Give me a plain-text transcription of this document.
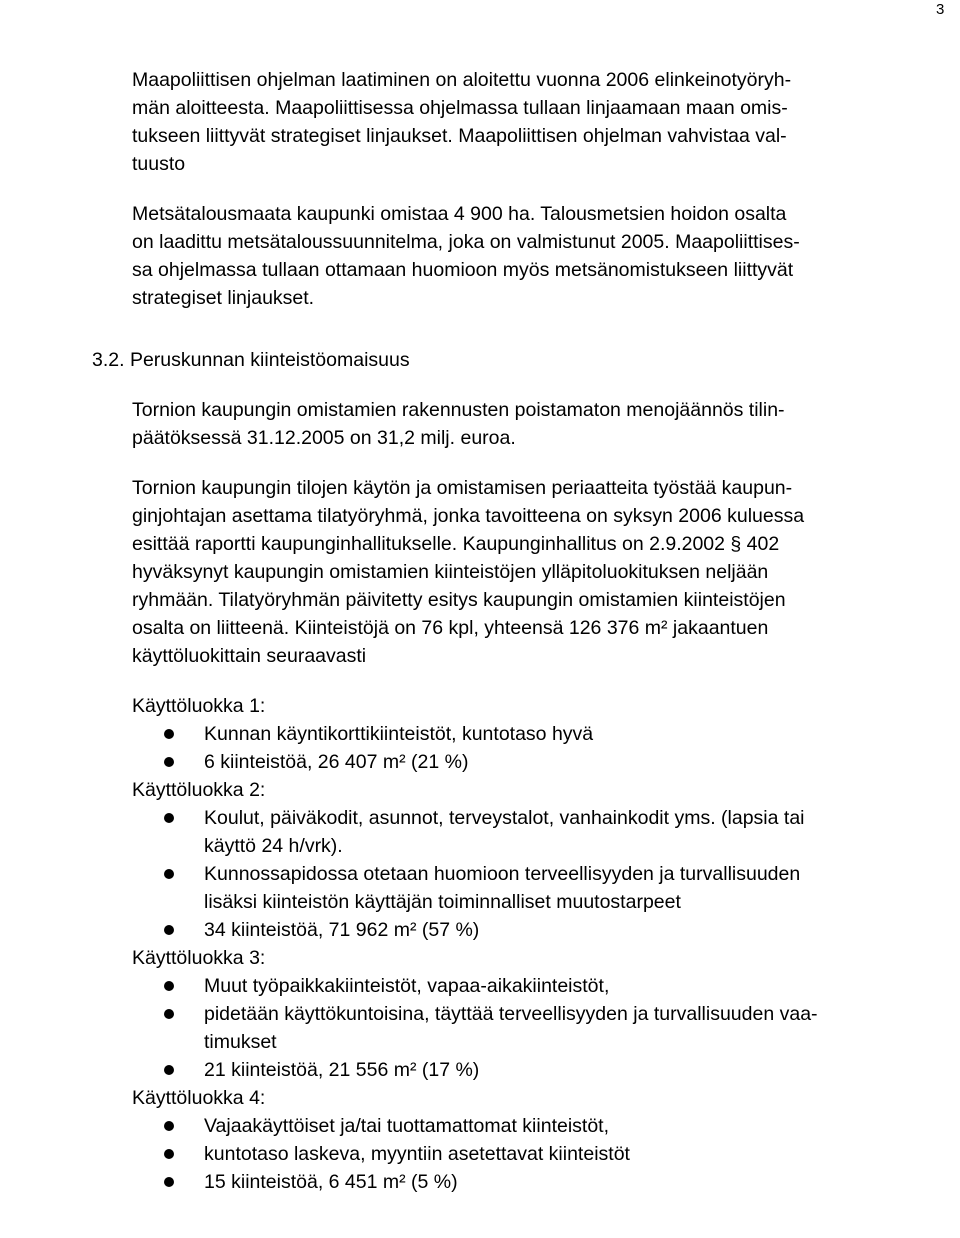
3
Maapoliittisen ohjelman laatiminen on aloitettu vuonna 2006 elinkeinotyöryh-
män aloitteesta. Maapoliittisessa ohjelmassa tullaan linjaamaan maan omis-
tukseen liittyvät strategiset linjaukset. Maapoliittisen ohjelman vahvistaa val-
tuusto
Metsätalousmaata kaupunki omistaa 4 900 ha. Talousmetsien hoidon osalta
on laadittu metsätaloussuunnitelma, joka on valmistunut 2005. Maapoliittises-
sa ohjelmassa tullaan ottamaan huomioon myös metsänomistukseen liittyvät
strategiset linjaukset.
3.2. Peruskunnan kiinteistöomaisuus
Tornion kaupungin omistamien rakennusten poistamaton menojäännös tilin-
päätöksessä 31.12.2005 on 31,2 milj. euroa.
Tornion kaupungin tilojen käytön ja omistamisen periaatteita työstää kaupun-
ginjohtajan asettama tilatyöryhmä, jonka tavoitteena on syksyn 2006 kuluessa
esittää raportti kaupunginhallitukselle. Kaupunginhallitus on 2.9.2002 § 402
hyväksynyt kaupungin omistamien kiinteistöjen ylläpitoluokituksen neljään
ryhmään. Tilatyöryhmän päivitetty esitys kaupungin omistamien kiinteistöjen
osalta on liitteenä. Kiinteistöjä on 76 kpl, yhteensä 126 376 m² jakaantuen
käyttöluokittain seuraavasti
Käyttöluokka 1:
Kunnan käyntikorttikiinteistöt, kuntotaso hyvä
6 kiinteistöä, 26 407 m² (21 %)
Käyttöluokka 2:
Koulut, päiväkodit, asunnot, terveystalot, vanhainkodit yms. (lapsia tai
käyttö 24 h/vrk).
Kunnossapidossa otetaan huomioon terveellisyyden ja turvallisuuden
lisäksi kiinteistön käyttäjän toiminnalliset muutostarpeet
34 kiinteistöä, 71 962 m² (57 %)
Käyttöluokka 3:
Muut työpaikkakiinteistöt, vapaa-aikakiinteistöt,
pidetään käyttökuntoisina, täyttää terveellisyyden ja turvallisuuden vaa-
timukset
21 kiinteistöä, 21 556 m² (17 %)
Käyttöluokka 4:
Vajaakäyttöiset ja/tai tuottamattomat kiinteistöt,
kuntotaso laskeva, myyntiin asetettavat kiinteistöt
15 kiinteistöä, 6 451 m² (5 %)
